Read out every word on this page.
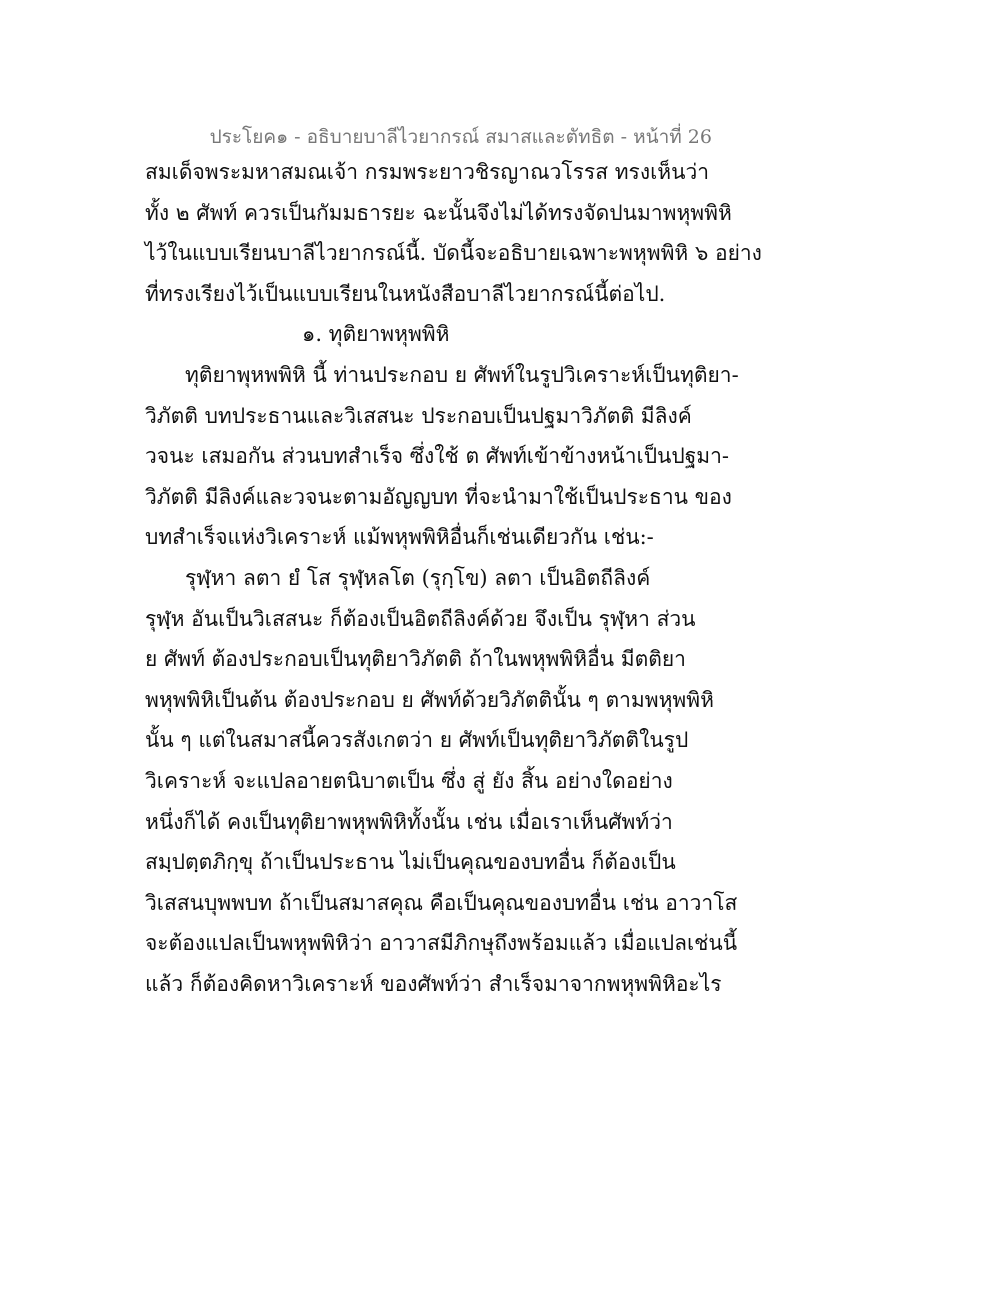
ประโยค๑ - อธิบายบาลีไวยากรณ์ สมาสและตัทธิต - หน้าที่ 26
สมเด็จพระมหาสมณเจ้า กรมพระยาวชิรญาณวโรรส ทรงเห็นว่า
ทั้ง ๒ ศัพท์ ควรเป็นกัมมธารยะ ฉะนั้นจึงไม่ได้ทรงจัดปนมาพหุพพิหิ
ไว้ในแบบเรียนบาลีไวยากรณ์นี้. บัดนี้จะอธิบายเฉพาะพหุพพิหิ ๖ อย่าง
ที่ทรงเรียงไว้เป็นแบบเรียนในหนังสือบาลีไวยากรณ์นี้ต่อไป.
๑. ทุติยาพหุพพิหิ
ทุติยาพุหพพิหิ นี้ ท่านประกอบ ย ศัพท์ในรูปวิเคราะห์เป็นทุติยา-
วิภัตติ บทประธานและวิเสสนะ ประกอบเป็นปฐมาวิภัตติ มีลิงค์
วจนะ เสมอกัน ส่วนบทสำเร็จ ซึ่งใช้ ต ศัพท์เข้าข้างหน้าเป็นปฐมา-
วิภัตติ มีลิงค์และวจนะตามอัญญบท ที่จะนำมาใช้เป็นประธาน ของ
บทสำเร็จแห่งวิเคราะห์ แม้พหุพพิหิอื่นก็เช่นเดียวกัน เช่น:-
รุฬฺหา ลตา ยํ โส รุฬฺหลโต (รุกฺโข) ลตา เป็นอิตถีลิงค์
รุฬฺห อันเป็นวิเสสนะ ก็ต้องเป็นอิตถีลิงค์ด้วย จึงเป็น รุฬฺหา ส่วน
ย ศัพท์ ต้องประกอบเป็นทุติยาวิภัตติ ถ้าในพหุพพิหิอื่น มีตติยา
พหุพพิหิเป็นต้น ต้องประกอบ ย ศัพท์ด้วยวิภัตตินั้น ๆ ตามพหุพพิหิ
นั้น ๆ แต่ในสมาสนี้ควรสังเกตว่า ย ศัพท์เป็นทุติยาวิภัตติในรูป
วิเคราะห์ จะแปลอายตนิบาตเป็น ซึ่ง สู่ ยัง สิ้น อย่างใดอย่าง
หนึ่งก็ได้ คงเป็นทุติยาพหุพพิหิทั้งนั้น เช่น เมื่อเราเห็นศัพท์ว่า
สมฺปตฺตภิกฺขุ ถ้าเป็นประธาน ไม่เป็นคุณของบทอื่น ก็ต้องเป็น
วิเสสนบุพพบท ถ้าเป็นสมาสคุณ คือเป็นคุณของบทอื่น เช่น อาวาโส
จะต้องแปลเป็นพหุพพิหิว่า อาวาสมีภิกษุถึงพร้อมแล้ว เมื่อแปลเช่นนี้
แล้ว ก็ต้องคิดหาวิเคราะห์ ของศัพท์ว่า สำเร็จมาจากพหุพพิหิอะไร
